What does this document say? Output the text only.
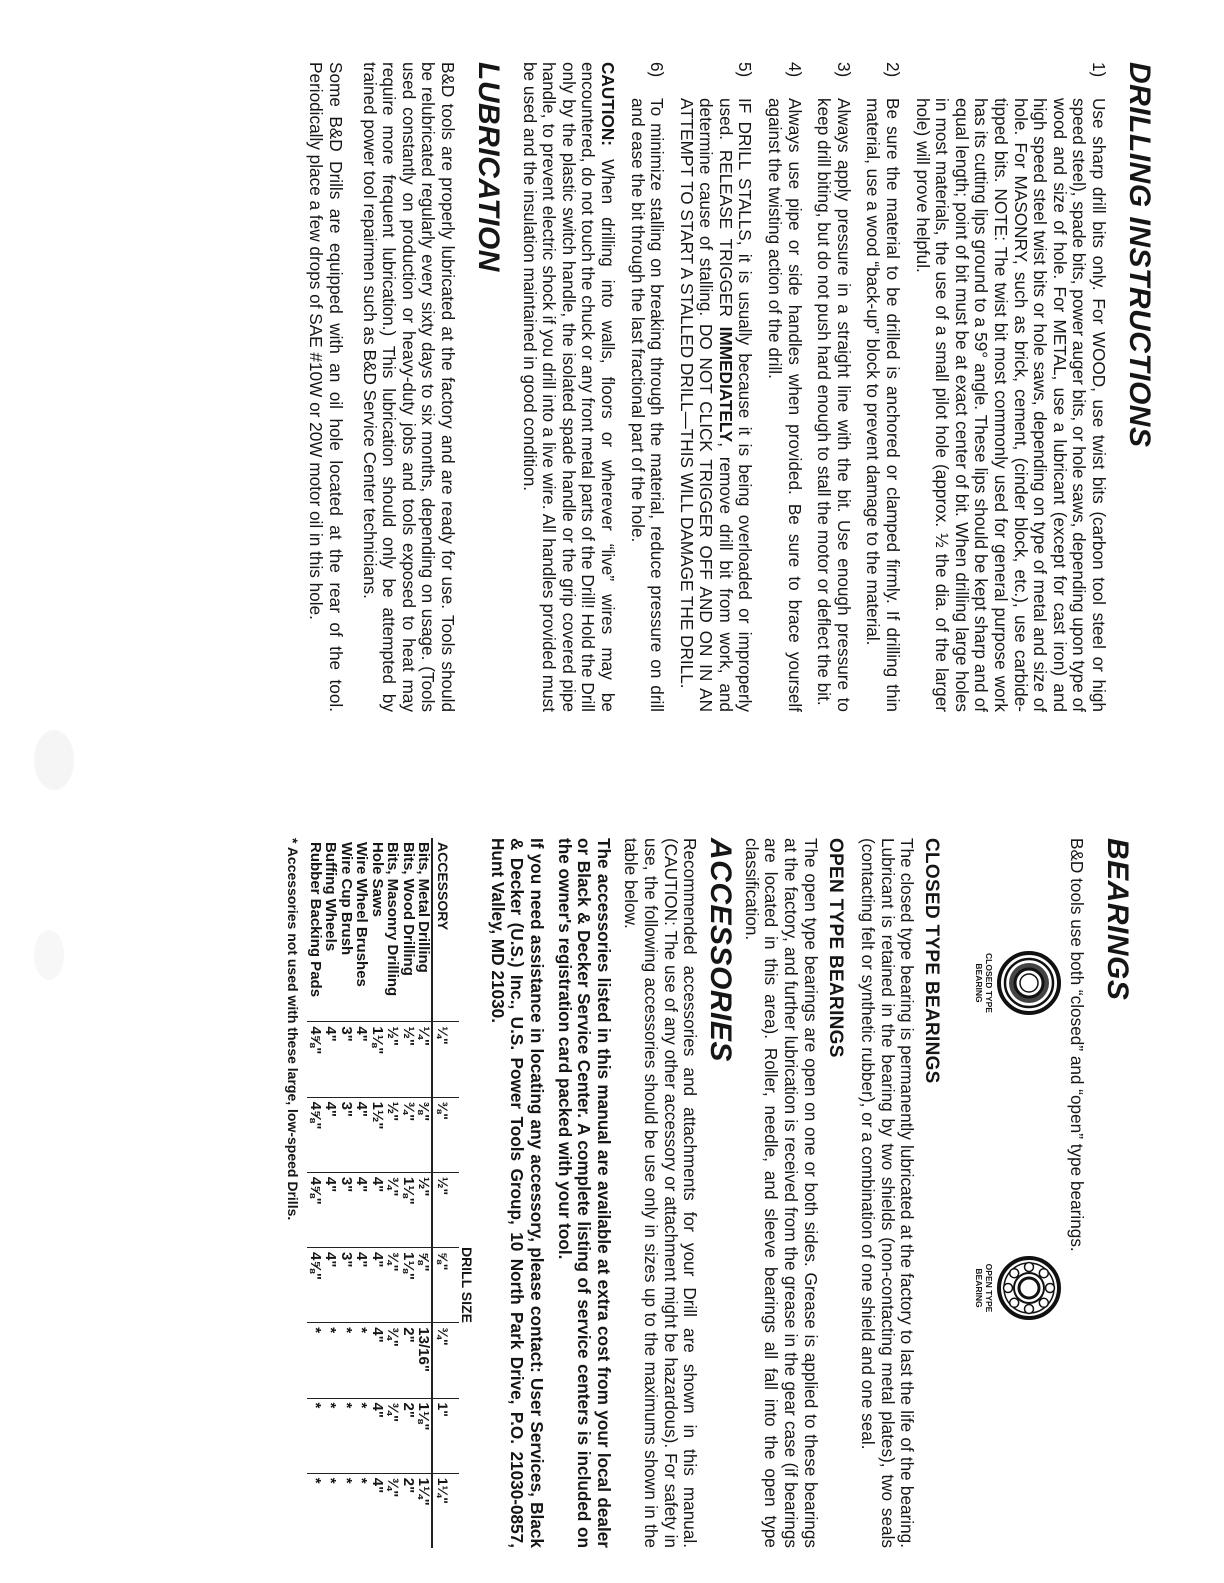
DRILLING INSTRUCTIONS
1)
Use sharp drill bits only. For WOOD, use twist bits (carbon tool steel or high speed steel), spade bits, power auger bits, or hole saws, depending upon type of wood and size of hole. For METAL, use a lubricant (except for cast iron) and high speed steel twist bits or hole saws, depending on type of metal and size of hole. For MASONRY, such as brick, cement, (cinder block, etc.), use carbide-tipped bits. NOTE: The twist bit most commonly used for general purpose work has its cutting lips ground to a 59° angle. These lips should be kept sharp and of equal length; point of bit must be at exact center of bit. When drilling large holes in most materials, the use of a small pilot hole (approx. ½ the dia. of the larger hole) will prove helpful.
2)
Be sure the material to be drilled is anchored or clamped firmly. If drilling thin material, use a wood “back-up” block to prevent damage to the material.
3)
Always apply pressure in a straight line with the bit. Use enough pressure to keep drill biting, but do not push hard enough to stall the motor or deflect the bit.
4)
Always use pipe or side handles when provided. Be sure to brace yourself against the twisting action of the drill.
5)
IF DRILL STALLS, it is usually because it is being overloaded or improperly used. RELEASE TRIGGER IMMEDIATELY, remove drill bit from work, and determine cause of stalling. DO NOT CLICK TRIGGER OFF AND ON IN AN ATTEMPT TO START A STALLED DRILL—THIS WILL DAMAGE THE DRILL.
6)
To minimize stalling on breaking through the material, reduce pressure on drill and ease the bit through the last fractional part of the hole.

CAUTION: When drilling into walls, floors or wherever “live” wires may be encountered, do not touch the chuck or any front metal parts of the Drill! Hold the Drill only by the plastic switch handle, the isolated spade handle or the grip covered pipe handle, to prevent electric shock if you drill into a live wire. All handles provided must be used and the insulation maintained in good condition.

LUBRICATION

B&D tools are properly lubricated at the factory and are ready for use. Tools should be relubricated regularly every sixty days to six months, depending on usage. (Tools used constantly on production or heavy-duty jobs and tools exposed to heat may require more frequent lubrication.) This lubrication should only be attempted by trained power tool repairmen such as B&D Service Center technicians.

Some B&D Drills are equipped with an oil hole located at the rear of the tool. Periodically place a few drops of SAE #10W or 20W motor oil in this hole.

BEARINGS

B&D tools use both “closed” and “open” type bearings.

CLOSED TYPE
BEARING
OPEN TYPE
BEARING
CLOSED TYPE BEARINGS

The closed type bearing is permanently lubricated at the factory to last the life of the bearing. Lubricant is retained in the bearing by two shields (non-contacting metal plates), two seals (contacting felt or synthetic rubber), or a combination of one shield and one seal.

OPEN TYPE BEARINGS

The open type bearings are open on one or both sides. Grease is applied to these bearings at the factory, and further lubrication is received from the grease in the gear case (if bearings are located in this area). Roller, needle, and sleeve bearings all fall into the open type classification.

ACCESSORIES

Recommended accessories and attachments for your Drill are shown in this manual. (CAUTION: The use of any other accessory or attachment might be hazardous). For safety in use, the following accessories should be use only in sizes up to the maximums shown in the table below.

The accessories listed in this manual are available at extra cost from your local dealer or Black & Decker Service Center. A complete listing of service centers is included on the owner's registration card packed with your tool.

If you need assistance in locating any accessory, please contact: User Services, Black & Decker (U.S.) Inc., U.S. Power Tools Group, 10 North Park Drive, P.O. 21030-0857, Hunt Valley, MD 21030.

	DRILL SIZE						
ACCESSORY	¼"	⅜"	½"	⅝"	¾"	1"	1¼"
Bits, Metal Drilling	¼"	⅜"	½"	⅝"	13/16"	1⅛"	1¼"
Bits, Wood Drilling	½"	¾"	1⅛"	1⅛"	2"	2"	2"
Bits, Masonry Drilling	½"	½"	¾"	¾"	¾"	¾"	¾"
Hole Saws	1⅛"	1½"	4"	4"	4"	4"	4"
Wire Wheel Brushes	4"	4"	4"	4"	*	*	*
Wire Cup Brush	3"	3"	3"	3"	*	*	*
Buffing Wheels	4"	4"	4"	4"	*	*	*
Rubber Backing Pads	4⅝"	4⅝"	4⅝"	4⅝"	*	*	*
* Accessories not used with these large, low-speed Drills.
